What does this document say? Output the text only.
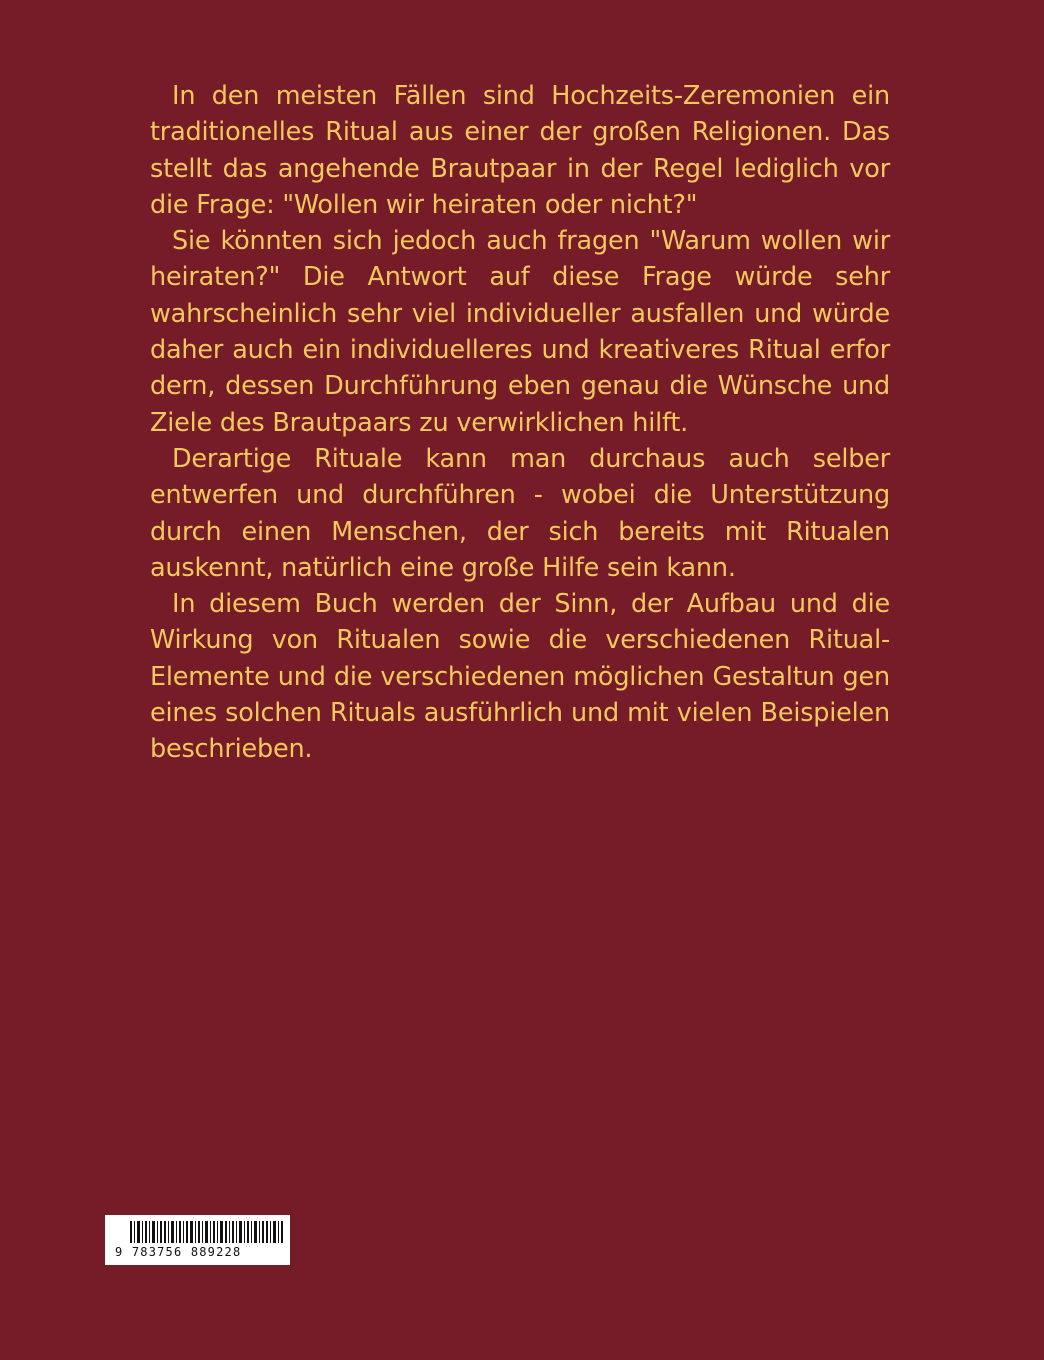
In den meisten Fällen sind Hochzeits-Zeremonien ein traditionelles Ritual aus einer der großen Religionen. Das stellt das angehende Brautpaar in der Regel lediglich vor die Frage: "Wollen wir heiraten oder nicht?"

Sie könnten sich jedoch auch fragen "Warum wollen wir heiraten?" Die Antwort auf diese Frage würde sehr wahrscheinlich sehr viel individueller ausfallen und würde daher auch ein individuelleres und kreativeres Ritual erfor dern, dessen Durchführung eben genau die Wünsche und Ziele des Brautpaars zu verwirklichen hilft.

Derartige Rituale kann man durchaus auch selber entwerfen und durchführen - wobei die Unterstützung durch einen Menschen, der sich bereits mit Ritualen auskennt, natürlich eine große Hilfe sein kann.

In diesem Buch werden der Sinn, der Aufbau und die Wirkung von Ritualen sowie die verschiedenen Ritual-Elemente und die verschiedenen möglichen Gestaltun gen eines solchen Rituals ausführlich und mit vielen Beispielen beschrieben.

9 783756 889228
